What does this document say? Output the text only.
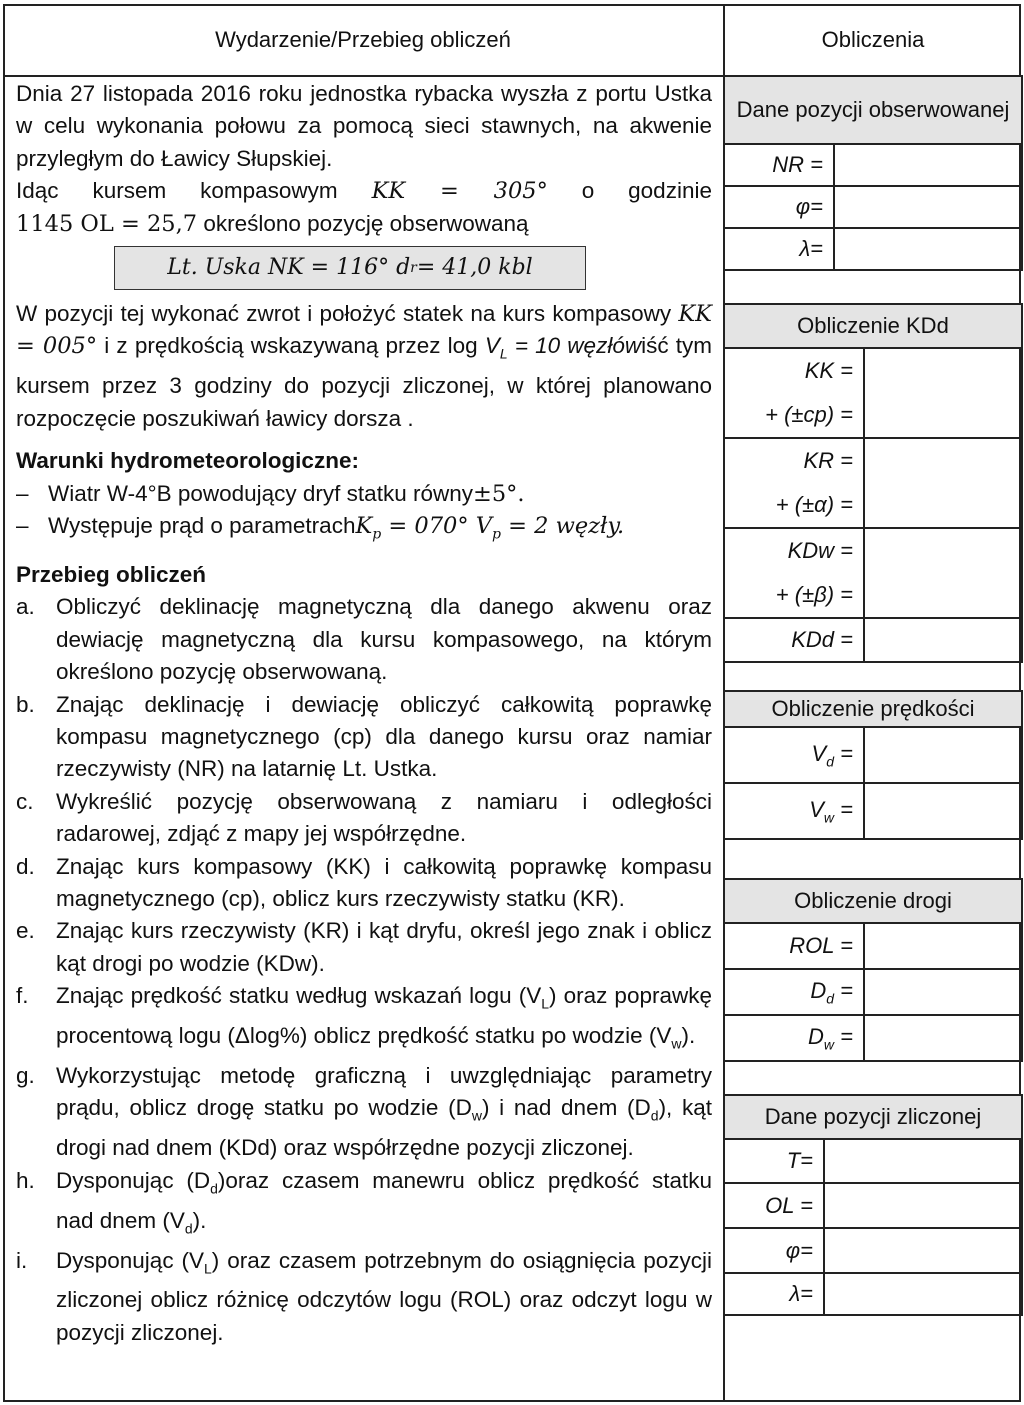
Wydarzenie/Przebieg obliczeń	Obliczenia

Dnia 27 listopada 2016 roku jednostka rybacka wyszła z portu Ustka w celu wykonania połowu za pomocą sieci stawnych, na akwenie przyległym do Ławicy Słupskiej.

Idąc kursem kompasowym KK = 305° o godzinie
1145 OL = 25,7 określono pozycję obserwowaną
Lt. Uska NK = 116° d r = 41,0 kbl

W pozycji tej wykonać zwrot i położyć statek na kurs kompasowy KK = 005° i z prędkością wskazywaną przez $\log V_L = 10$ węzłówiść tym kursem przez 3 godziny do pozycji zliczonej, w której planowano rozpoczęcie poszukiwań ławicy dorsza .

Warunki hydrometeorologiczne:
– Wiatr W-4°B powodujący dryf statku równy±5°.
– Występuje prąd o parametrachK$_p$ = 070° $V_p = 2$ węzły.
Przebieg obliczeń
a. Obliczyć deklinację magnetyczną dla danego akwenu oraz dewiację magnetyczną dla kursu kompasowego, na którym określono pozycję obserwowaną.
b. Znając deklinację i dewiację obliczyć całkowitą poprawkę kompasu magnetycznego (cp) dla danego kursu oraz namiar rzeczywisty (NR) na latarnię Lt. Ustka.
c. Wykreślić pozycję obserwowaną z namiaru i odległości radarowej, zdjąć z mapy jej współrzędne.
d. Znając kurs kompasowy (KK) i całkowitą poprawkę kompasu magnetycznego (cp), oblicz kurs rzeczywisty statku (KR).
e. Znając kurs rzeczywisty (KR) i kąt dryfu, określ jego znak i oblicz kąt drogi po wodzie (KDw).
f.	Znając prędkość statku według wskazań logu $(V_L)$ oraz poprawkę procentową logu (Δlog%) oblicz prędkość statku po wodzie $(V_w)$.
g. Wykorzystując metodę graficzną i uwzględniając parametry prądu, oblicz drogę statku po wodzie $(D_w)$ i nad dnem $(D_d)$, kąt drogi nad dnem (KDd) oraz współrzędne pozycji zliczonej.
h. Dysponując $(D_d)oraz$ czasem manewru oblicz prędkość statku nad dnem $(V_d)$.
i.	Dysponując $(V_L)$ oraz czasem potrzebnym do osiągnięcia pozycji zliczonej oblicz różnicę odczytów logu (ROL) oraz odczyt logu w pozycji zliczonej.
Dane pozycji obserwowanej	
NR =	
φ=	
λ=	
Obliczenie KDd	

KK =
+ (±cp) =	

KR =
+ (±α) =	

KDw =
+ (±β) =	

KDd =	
Obliczenie prędkości	
$V_d$ =	
$V_w$ =	
Obliczenie drogi	
ROL =	
$D_d$ =	
$D_w$ =	
Dane pozycji zliczonej	
T=	
OL =	
φ=	
λ=	
